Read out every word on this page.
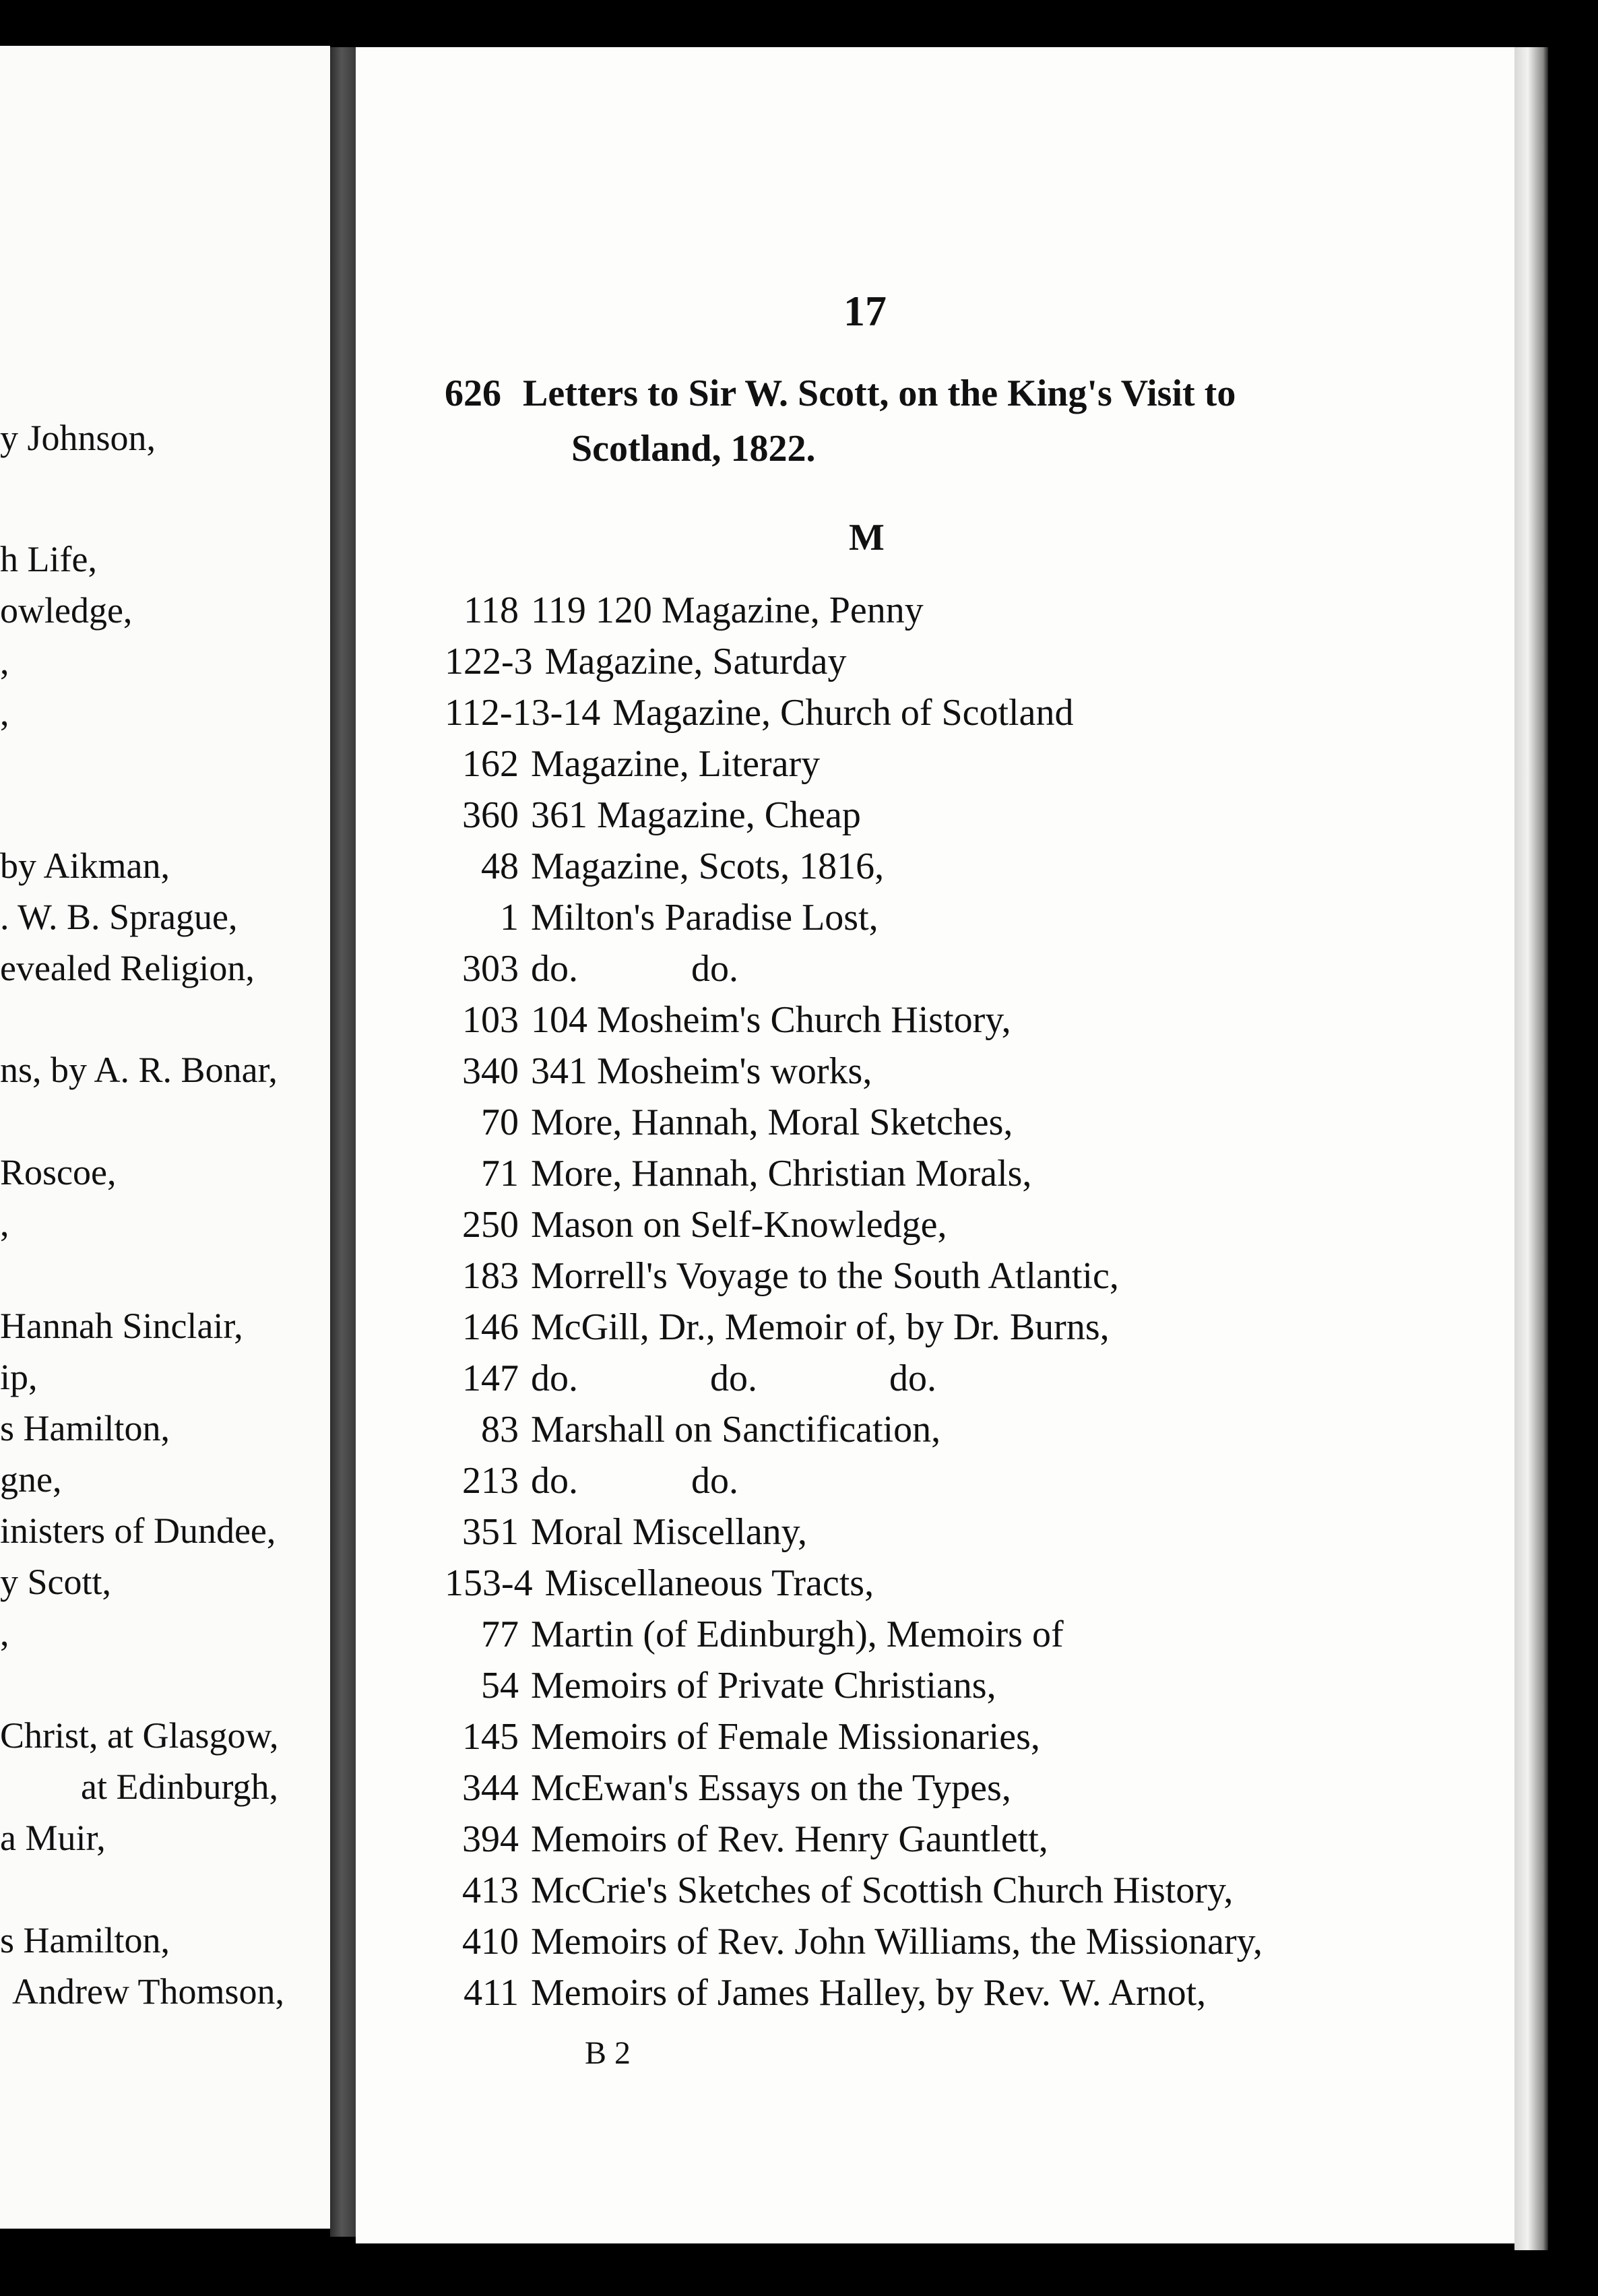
y Johnson,
h Life,
owledge,
,
,
by Aikman,
. W. B. Sprague,
evealed Religion,
ns, by A. R. Bonar,
Roscoe,
,
Hannah Sinclair,
ip,
s Hamilton,
gne,
inisters of Dundee,
y Scott,
,
Christ, at Glasgow,
at Edinburgh,
a Muir,
s Hamilton,
Andrew Thomson,
17
626 Letters to Sir W. Scott, on the King's Visit to
Scotland, 1822.
M
118 119 120 Magazine, Penny
122-3 Magazine, Saturday
112-13-14 Magazine, Church of Scotland
162 Magazine, Literary
360 361 Magazine, Cheap
48 Magazine, Scots, 1816,
1 Milton's Paradise Lost,
303 do.            do.
103 104 Mosheim's Church History,
340 341 Mosheim's works,
70 More, Hannah, Moral Sketches,
71 More, Hannah, Christian Morals,
250 Mason on Self-Knowledge,
183 Morrell's Voyage to the South Atlantic,
146 McGill, Dr., Memoir of, by Dr. Burns,
147 do.              do.              do.
83 Marshall on Sanctification,
213 do.            do.
351 Moral Miscellany,
153-4 Miscellaneous Tracts,
77 Martin (of Edinburgh), Memoirs of
54 Memoirs of Private Christians,
145 Memoirs of Female Missionaries,
344 McEwan's Essays on the Types,
394 Memoirs of Rev. Henry Gauntlett,
413 McCrie's Sketches of Scottish Church History,
410 Memoirs of Rev. John Williams, the Missionary,
411 Memoirs of James Halley, by Rev. W. Arnot,
B 2
